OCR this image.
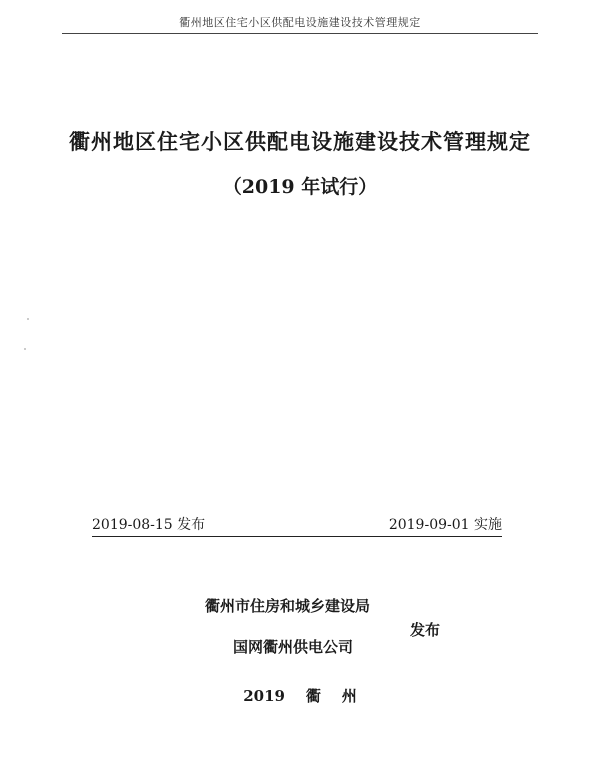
衢州地区住宅小区供配电设施建设技术管理规定
衢州地区住宅小区供配电设施建设技术管理规定
（2019 年试行）
2019-08-15 发布	2019-09-01 实施
衢州市住房和城乡建设局
发布
国网衢州供电公司
2019    衢    州
